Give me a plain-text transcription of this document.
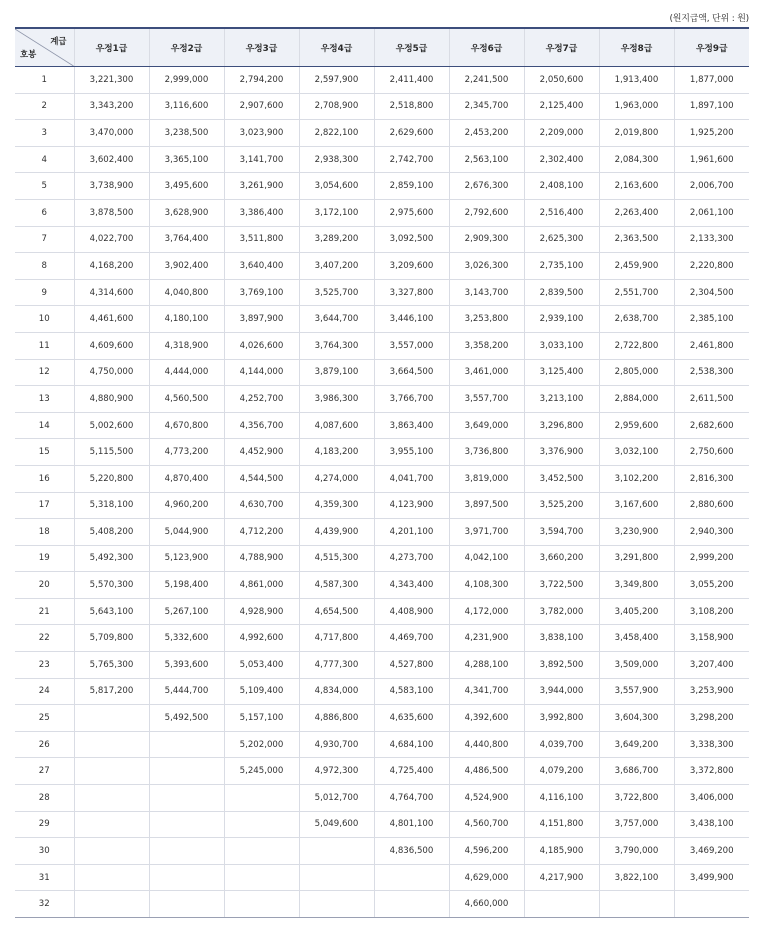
(원지급액, 단위 : 원)
계급
호봉	우정1급	우정2급	우정3급	우정4급	우정5급	우정6급	우정7급	우정8급	우정9급
1	3,221,300	2,999,000	2,794,200	2,597,900	2,411,400	2,241,500	2,050,600	1,913,400	1,877,000
2	3,343,200	3,116,600	2,907,600	2,708,900	2,518,800	2,345,700	2,125,400	1,963,000	1,897,100
3	3,470,000	3,238,500	3,023,900	2,822,100	2,629,600	2,453,200	2,209,000	2,019,800	1,925,200
4	3,602,400	3,365,100	3,141,700	2,938,300	2,742,700	2,563,100	2,302,400	2,084,300	1,961,600
5	3,738,900	3,495,600	3,261,900	3,054,600	2,859,100	2,676,300	2,408,100	2,163,600	2,006,700
6	3,878,500	3,628,900	3,386,400	3,172,100	2,975,600	2,792,600	2,516,400	2,263,400	2,061,100
7	4,022,700	3,764,400	3,511,800	3,289,200	3,092,500	2,909,300	2,625,300	2,363,500	2,133,300
8	4,168,200	3,902,400	3,640,400	3,407,200	3,209,600	3,026,300	2,735,100	2,459,900	2,220,800
9	4,314,600	4,040,800	3,769,100	3,525,700	3,327,800	3,143,700	2,839,500	2,551,700	2,304,500
10	4,461,600	4,180,100	3,897,900	3,644,700	3,446,100	3,253,800	2,939,100	2,638,700	2,385,100
11	4,609,600	4,318,900	4,026,600	3,764,300	3,557,000	3,358,200	3,033,100	2,722,800	2,461,800
12	4,750,000	4,444,000	4,144,000	3,879,100	3,664,500	3,461,000	3,125,400	2,805,000	2,538,300
13	4,880,900	4,560,500	4,252,700	3,986,300	3,766,700	3,557,700	3,213,100	2,884,000	2,611,500
14	5,002,600	4,670,800	4,356,700	4,087,600	3,863,400	3,649,000	3,296,800	2,959,600	2,682,600
15	5,115,500	4,773,200	4,452,900	4,183,200	3,955,100	3,736,800	3,376,900	3,032,100	2,750,600
16	5,220,800	4,870,400	4,544,500	4,274,000	4,041,700	3,819,000	3,452,500	3,102,200	2,816,300
17	5,318,100	4,960,200	4,630,700	4,359,300	4,123,900	3,897,500	3,525,200	3,167,600	2,880,600
18	5,408,200	5,044,900	4,712,200	4,439,900	4,201,100	3,971,700	3,594,700	3,230,900	2,940,300
19	5,492,300	5,123,900	4,788,900	4,515,300	4,273,700	4,042,100	3,660,200	3,291,800	2,999,200
20	5,570,300	5,198,400	4,861,000	4,587,300	4,343,400	4,108,300	3,722,500	3,349,800	3,055,200
21	5,643,100	5,267,100	4,928,900	4,654,500	4,408,900	4,172,000	3,782,000	3,405,200	3,108,200
22	5,709,800	5,332,600	4,992,600	4,717,800	4,469,700	4,231,900	3,838,100	3,458,400	3,158,900
23	5,765,300	5,393,600	5,053,400	4,777,300	4,527,800	4,288,100	3,892,500	3,509,000	3,207,400
24	5,817,200	5,444,700	5,109,400	4,834,000	4,583,100	4,341,700	3,944,000	3,557,900	3,253,900
25		5,492,500	5,157,100	4,886,800	4,635,600	4,392,600	3,992,800	3,604,300	3,298,200
26			5,202,000	4,930,700	4,684,100	4,440,800	4,039,700	3,649,200	3,338,300
27			5,245,000	4,972,300	4,725,400	4,486,500	4,079,200	3,686,700	3,372,800
28				5,012,700	4,764,700	4,524,900	4,116,100	3,722,800	3,406,000
29				5,049,600	4,801,100	4,560,700	4,151,800	3,757,000	3,438,100
30					4,836,500	4,596,200	4,185,900	3,790,000	3,469,200
31						4,629,000	4,217,900	3,822,100	3,499,900
32						4,660,000			
